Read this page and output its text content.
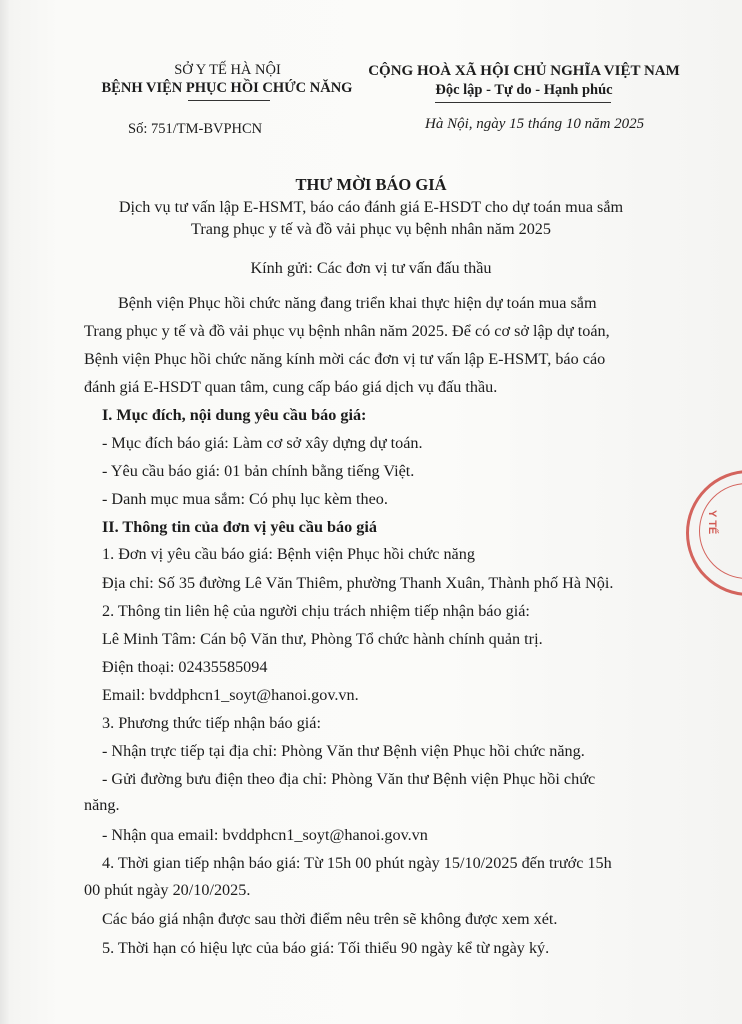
SỞ Y TẾ HÀ NỘI
BỆNH VIỆN PHỤC HỒI CHỨC NĂNG
CỘNG HOÀ XÃ HỘI CHỦ NGHĨA VIỆT NAM
Độc lập - Tự do - Hạnh phúc
Số: 751/TM-BVPHCN	Hà Nội, ngày 15 tháng 10 năm 2025
THƯ MỜI BÁO GIÁ
Dịch vụ tư vấn lập E-HSMT, báo cáo đánh giá E-HSDT cho dự toán mua sắm
Trang phục y tế và đồ vải phục vụ bệnh nhân năm 2025
Kính gửi: Các đơn vị tư vấn đấu thầu
Bệnh viện Phục hồi chức năng đang triển khai thực hiện dự toán mua sắm
Trang phục y tế và đồ vải phục vụ bệnh nhân năm 2025. Để có cơ sở lập dự toán,
Bệnh viện Phục hồi chức năng kính mời các đơn vị tư vấn lập E-HSMT, báo cáo
đánh giá E-HSDT quan tâm, cung cấp báo giá dịch vụ đấu thầu.
I. Mục đích, nội dung yêu cầu báo giá:
- Mục đích báo giá: Làm cơ sở xây dựng dự toán.
- Yêu cầu báo giá: 01 bản chính bằng tiếng Việt.
- Danh mục mua sắm: Có phụ lục kèm theo.
II. Thông tin của đơn vị yêu cầu báo giá
1. Đơn vị yêu cầu báo giá: Bệnh viện Phục hồi chức năng
Địa chỉ: Số 35 đường Lê Văn Thiêm, phường Thanh Xuân, Thành phố Hà Nội.
2. Thông tin liên hệ của người chịu trách nhiệm tiếp nhận báo giá:
Lê Minh Tâm: Cán bộ Văn thư, Phòng Tổ chức hành chính quản trị.
Điện thoại: 02435585094
Email: bvddphcn1_soyt@hanoi.gov.vn.
3. Phương thức tiếp nhận báo giá:
- Nhận trực tiếp tại địa chỉ: Phòng Văn thư Bệnh viện Phục hồi chức năng.
- Gửi đường bưu điện theo địa chỉ: Phòng Văn thư Bệnh viện Phục hồi chức
năng.
- Nhận qua email: bvddphcn1_soyt@hanoi.gov.vn
4. Thời gian tiếp nhận báo giá: Từ 15h 00 phút ngày 15/10/2025 đến trước 15h
00 phút ngày 20/10/2025.
Các báo giá nhận được sau thời điểm nêu trên sẽ không được xem xét.
5. Thời hạn có hiệu lực của báo giá: Tối thiểu 90 ngày kể từ ngày ký.
Y TẾ
